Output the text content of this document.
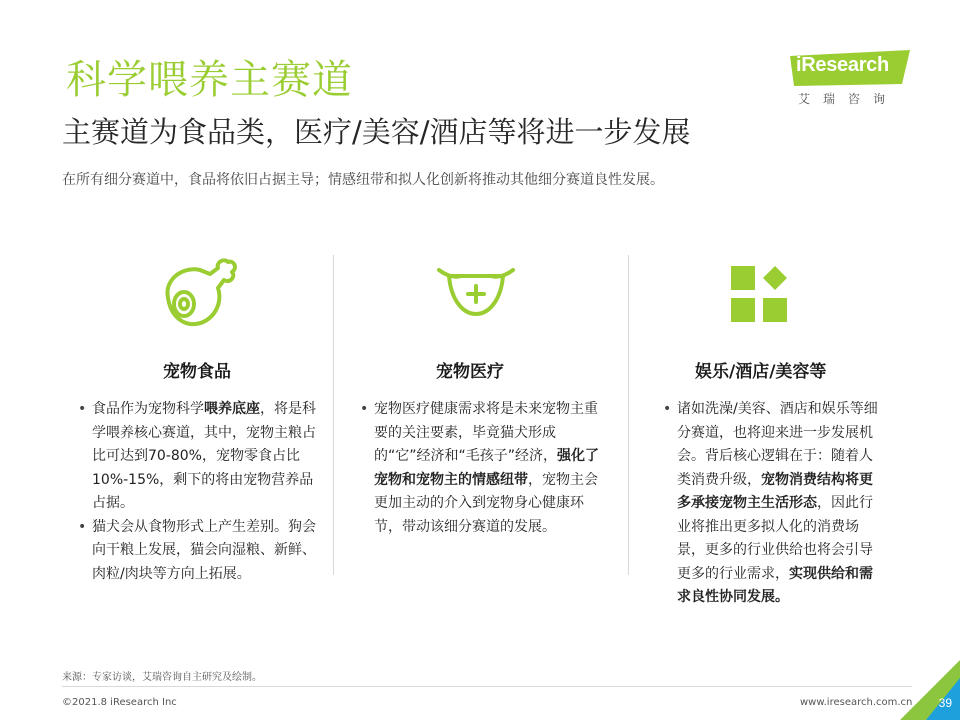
科学喂养主赛道
主赛道为食品类，医疗/美容/酒店等将进一步发展
在所有细分赛道中，食品将依旧占据主导；情感纽带和拟人化创新将推动其他细分赛道良性发展。
iResearch
艾瑞咨询
宠物食品
• 食品作为宠物科学喂养底座，将是科学喂养核心赛道，其中，宠物主粮占比可达到70-80%，宠物零食占比10%-15%，剩下的将由宠物营养品占据。
• 猫犬会从食物形式上产生差别。狗会向干粮上发展，猫会向湿粮、新鲜、肉粒/肉块等方向上拓展。
宠物医疗
• 宠物医疗健康需求将是未来宠物主重要的关注要素，毕竟猫犬形成的“它”经济和“毛孩子”经济，强化了宠物和宠物主的情感纽带，宠物主会更加主动的介入到宠物身心健康环节，带动该细分赛道的发展。
娱乐/酒店/美容等
• 诸如洗澡/美容、酒店和娱乐等细分赛道，也将迎来进一步发展机会。背后核心逻辑在于：随着人类消费升级，宠物消费结构将更多承接宠物主生活形态，因此行业将推出更多拟人化的消费场景，更多的行业供给也将会引导更多的行业需求，实现供给和需求良性协同发展。
来源：专家访谈，艾瑞咨询自主研究及绘制。
©2021.8 iResearch Inc	www.iresearch.com.cn 39
